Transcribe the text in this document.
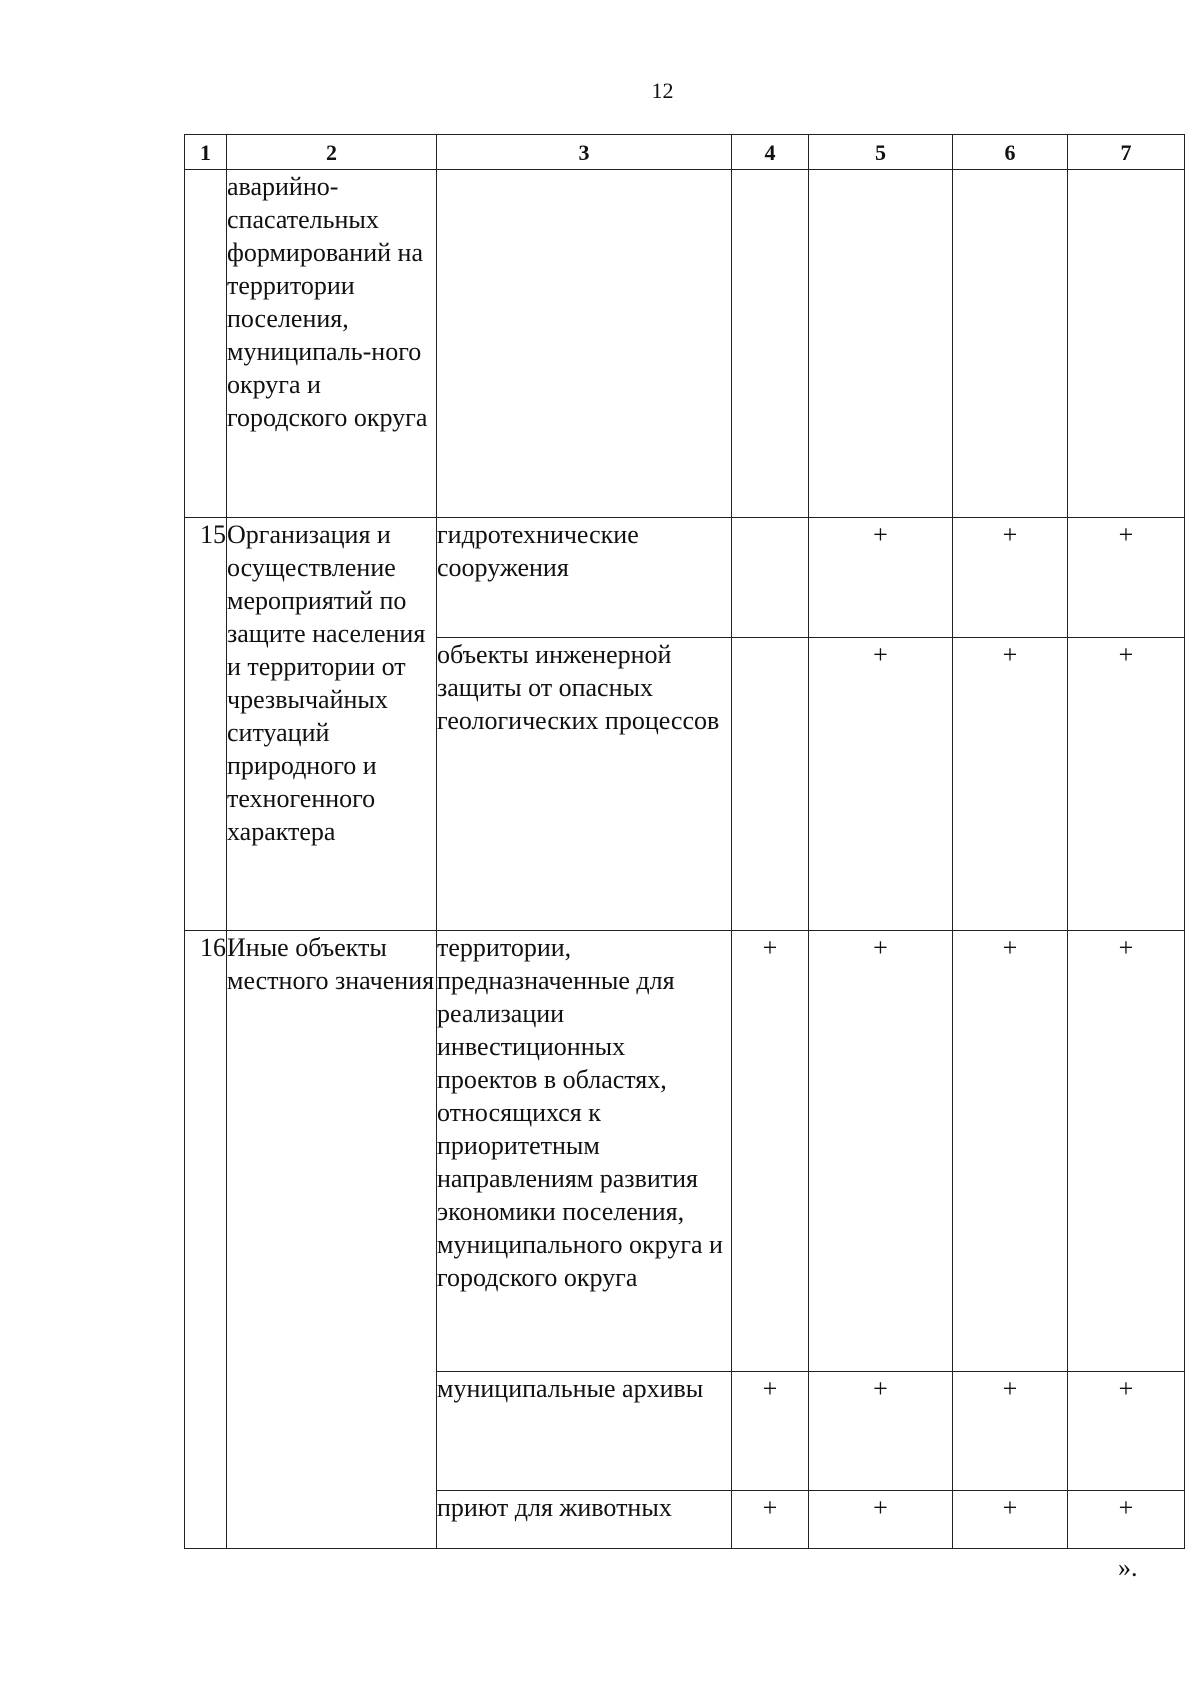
12
1	2	3	4	5	6	7
	аварийно-спасательных формирований на территории поселения, муниципаль-ного округа и городского округа					
15	Организация и осуществление мероприятий по защите населения и территории от чрезвычайных ситуаций природного и техногенного характера	гидротехнические сооружения		+	+	+
		объекты инженерной защиты от опасных геологических процессов		+	+	+
16	Иные объекты местного значения	территории, предназначенные для реализации инвестиционных проектов в областях, относящихся к приоритетным направлениям развития экономики поселения, муниципального округа и городского округа	+	+	+	+
		муниципальные архивы	+	+	+	+
		приют для животных	+	+	+	+
».
